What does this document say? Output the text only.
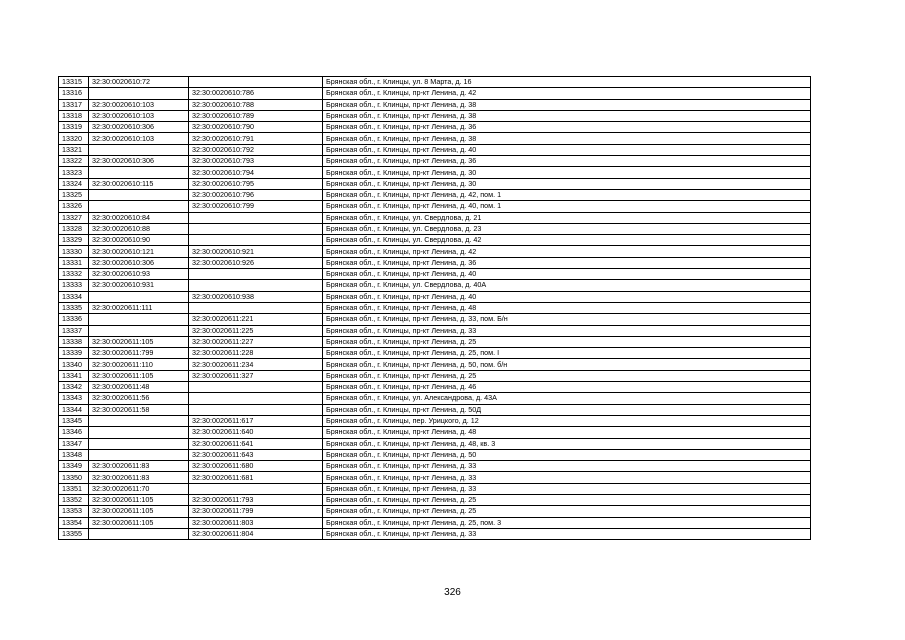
13315	32:30:0020610:72		Брянская обл., г. Клинцы, ул. 8 Марта, д. 16
13316		32:30:0020610:786	Брянская обл., г. Клинцы, пр-кт Ленина, д. 42
13317	32:30:0020610:103	32:30:0020610:788	Брянская обл., г. Клинцы, пр-кт Ленина, д. 38
13318	32:30:0020610:103	32:30:0020610:789	Брянская обл., г. Клинцы, пр-кт Ленина, д. 38
13319	32:30:0020610:306	32:30:0020610:790	Брянская обл., г. Клинцы, пр-кт Ленина, д. 36
13320	32:30:0020610:103	32:30:0020610:791	Брянская обл., г. Клинцы, пр-кт Ленина, д. 38
13321		32:30:0020610:792	Брянская обл., г. Клинцы, пр-кт Ленина, д. 40
13322	32:30:0020610:306	32:30:0020610:793	Брянская обл., г. Клинцы, пр-кт Ленина, д. 36
13323		32:30:0020610:794	Брянская обл., г. Клинцы, пр-кт Ленина, д. 30
13324	32:30:0020610:115	32:30:0020610:795	Брянская обл., г. Клинцы, пр-кт Ленина, д. 30
13325		32:30:0020610:796	Брянская обл., г. Клинцы, пр-кт Ленина, д. 42, пом. 1
13326		32:30:0020610:799	Брянская обл., г. Клинцы, пр-кт Ленина, д. 40, пом. 1
13327	32:30:0020610:84		Брянская обл., г. Клинцы, ул. Свердлова, д. 21
13328	32:30:0020610:88		Брянская обл., г. Клинцы, ул. Свердлова, д. 23
13329	32:30:0020610:90		Брянская обл., г. Клинцы, ул. Свердлова, д. 42
13330	32:30:0020610:121	32:30:0020610:921	Брянская обл., г. Клинцы, пр-кт Ленина, д. 42
13331	32:30:0020610:306	32:30:0020610:926	Брянская обл., г. Клинцы, пр-кт Ленина, д. 36
13332	32:30:0020610:93		Брянская обл., г. Клинцы, пр-кт Ленина, д. 40
13333	32:30:0020610:931		Брянская обл., г. Клинцы, ул. Свердлова, д. 40А
13334		32:30:0020610:938	Брянская обл., г. Клинцы, пр-кт Ленина, д. 40
13335	32:30:0020611:111		Брянская обл., г. Клинцы, пр-кт Ленина, д. 48
13336		32:30:0020611:221	Брянская обл., г. Клинцы, пр-кт Ленина, д. 33, пом. Б/н
13337		32:30:0020611:225	Брянская обл., г. Клинцы, пр-кт Ленина, д. 33
13338	32:30:0020611:105	32:30:0020611:227	Брянская обл., г. Клинцы, пр-кт Ленина, д. 25
13339	32:30:0020611:799	32:30:0020611:228	Брянская обл., г. Клинцы, пр-кт Ленина, д. 25, пом. I
13340	32:30:0020611:110	32:30:0020611:234	Брянская обл., г. Клинцы, пр-кт Ленина, д. 50, пом. б/н
13341	32:30:0020611:105	32:30:0020611:327	Брянская обл., г. Клинцы, пр-кт Ленина, д. 25
13342	32:30:0020611:48		Брянская обл., г. Клинцы, пр-кт Ленина, д. 46
13343	32:30:0020611:56		Брянская обл., г. Клинцы, ул. Александрова, д. 43А
13344	32:30:0020611:58		Брянская обл., г. Клинцы, пр-кт Ленина, д. 50Д
13345		32:30:0020611:617	Брянская обл., г. Клинцы, пер. Урицкого, д. 12
13346		32:30:0020611:640	Брянская обл., г. Клинцы, пр-кт Ленина, д. 48
13347		32:30:0020611:641	Брянская обл., г. Клинцы, пр-кт Ленина, д. 48, кв. 3
13348		32:30:0020611:643	Брянская обл., г. Клинцы, пр-кт Ленина, д. 50
13349	32:30:0020611:83	32:30:0020611:680	Брянская обл., г. Клинцы, пр-кт Ленина, д. 33
13350	32:30:0020611:83	32:30:0020611:681	Брянская обл., г. Клинцы, пр-кт Ленина, д. 33
13351	32:30:0020611:70		Брянская обл., г. Клинцы, пр-кт Ленина, д. 33
13352	32:30:0020611:105	32:30:0020611:793	Брянская обл., г. Клинцы, пр-кт Ленина, д. 25
13353	32:30:0020611:105	32:30:0020611:799	Брянская обл., г. Клинцы, пр-кт Ленина, д. 25
13354	32:30:0020611:105	32:30:0020611:803	Брянская обл., г. Клинцы, пр-кт Ленина, д. 25, пом. 3
13355		32:30:0020611:804	Брянская обл., г. Клинцы, пр-кт Ленина, д. 33
326
